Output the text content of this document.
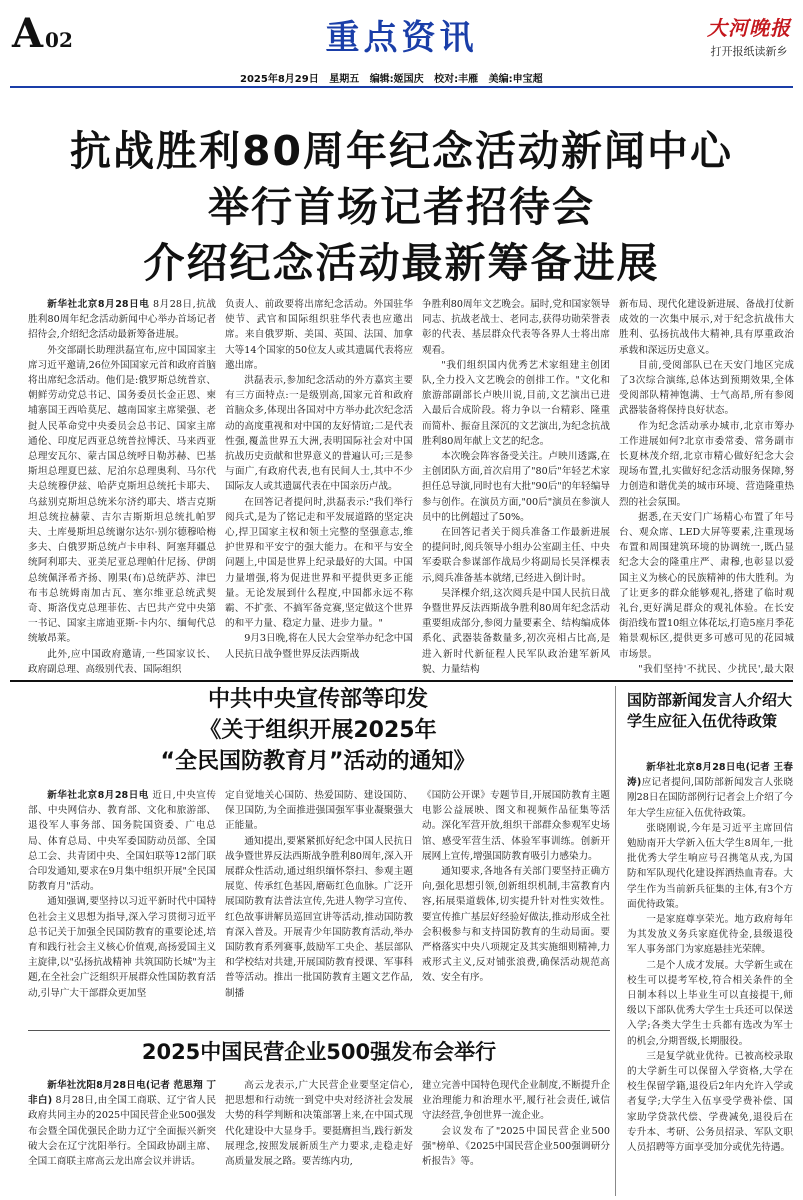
A 02	重点资讯	大河晚报
打开报纸读新乡
2025年8月29日 星期五 编辑:姬国庆 校对:丰雁 美编:申宝超
抗战胜利80周年纪念活动新闻中心
举行首场记者招待会
介绍纪念活动最新筹备进展

新华社北京8月28日电 8月28日,抗战胜利80周年纪念活动新闻中心举办首场记者招待会,介绍纪念活动最新筹备进展。

外交部副长助理洪磊宣布,应中国国家主席习近平邀请,26位外国国家元首和政府首脑将出席纪念活动。他们是:俄罗斯总统普京、朝鲜劳动党总书记、国务委员长金正恩、柬埔寨国王西哈莫尼、越南国家主席梁强、老挝人民革命党中央委员会总书记、国家主席通伦、印度尼西亚总统普拉博沃、马来西亚总理安瓦尔、蒙古国总统呼日勒苏赫、巴基斯坦总理夏巴兹、尼泊尔总理奥利、马尔代夫总统穆伊兹、哈萨克斯坦总统托卡耶夫、乌兹别克斯坦总统米尔济约耶夫、塔吉克斯坦总统拉赫蒙、吉尔吉斯斯坦总统扎帕罗夫、土库曼斯坦总统谢尔达尔·别尔德穆哈梅多夫、白俄罗斯总统卢卡申科、阿塞拜疆总统阿利耶夫、亚美尼亚总理帕什尼扬、伊朗总统佩泽希齐扬、刚果(布)总统萨苏、津巴布韦总统姆南加古瓦、塞尔维亚总统武契奇、斯洛伐克总理菲佐、古巴共产党中央第一书记、国家主席迪亚斯-卡内尔、缅甸代总统敏昂莱。

此外,应中国政府邀请,一些国家议长、政府副总理、高级别代表、国际组织

负责人、前政要将出席纪念活动。外国驻华使节、武官和国际组织驻华代表也应邀出席。来自俄罗斯、美国、英国、法国、加拿大等14个国家的50位友人或其遗属代表将应邀出席。

洪磊表示,参加纪念活动的外方嘉宾主要有三方面特点:一是级别高,国家元首和政府首脑众多,体现出各国对中方举办此次纪念活动的高度重视和对中国的友好情谊;二是代表性强,覆盖世界五大洲,表明国际社会对中国抗战历史贡献和世界意义的普遍认可;三是参与面广,有政府代表,也有民间人士,其中不少国际友人或其遗属代表在中国亲历卢战。

在回答记者提问时,洪磊表示:"我们举行阅兵式,是为了铭记走和平发展道路的坚定决心,捍卫国家主权和领土完整的坚强意志,维护世界和平安宁的强大能力。在和平与安全问题上,中国是世界上纪录最好的大国。中国力量增强,将为促进世界和平提供更多正能量。无论发展到什么程度,中国都永远不称霸、不扩张、不搞军备竞赛,坚定做这个世界的和平力量、稳定力量、进步力量。"

9月3日晚,将在人民大会堂举办纪念中国人民抗日战争暨世界反法西斯战

争胜利80周年文艺晚会。届时,党和国家领导同志、抗战老战士、老同志,获得功勋荣誉表彰的代表、基层群众代表等各界人士将出席观看。

"我们组织国内优秀艺术家组建主创团队,全力投入文艺晚会的创排工作。"文化和旅游部副部长卢映川说,目前,文艺演出已进入最后合成阶段。将力争以一台精彩、隆重而简朴、振奋且深沉的文艺演出,为纪念抗战胜利80周年献上文艺的纪念。

本次晚会阵容备受关注。卢映川透露,在主创团队方面,首次启用了"80后"年轻艺术家担任总导演,同时也有大批"90后"的年轻编导参与创作。在演员方面,"00后"演员在参演人员中的比例超过了50%。

在回答记者关于阅兵准备工作最新进展的提问时,阅兵领导小组办公室副主任、中央军委联合参谋部作战局少将副局长吴泽棵表示,阅兵准备基本就绪,已经进入倒计时。

吴泽棵介绍,这次阅兵是中国人民抗日战争暨世界反法西斯战争胜利80周年纪念活动重要组成部分,参阅力量要素全、结构编成体系化、武器装备数量多,初次亮相占比高,是进入新时代新征程人民军队政治建军新风貌、力量结构

新布局、现代化建设新进展、备战打仗新成效的一次集中展示,对于纪念抗战伟大胜利、弘扬抗战伟大精神,具有厚重政治承载和深远历史意义。

目前,受阅部队已在天安门地区完成了3次综合演练,总体达到预期效果,全体受阅部队精神饱满、士气高昂,所有参阅武器装备将保持良好状态。

作为纪念活动承办城市,北京市筹办工作进展如何?北京市委常委、常务副市长夏林茂介绍,北京市精心做好纪念大会现场布置,扎实做好纪念活动服务保障,努力创造和谐优美的城市环境、营造隆重热烈的社会氛围。

据悉,在天安门广场精心布置了年号台、观众席、LED大屏等要素,注重现场布置和周围建筑环境的协调统一,既凸显纪念大会的隆重庄严、肃穆,也彰显以爱国主义为核心的民族精神的伟大胜利。为了让更多的群众能够观礼,搭建了临时观礼台,更好满足群众的观礼体验。在长安街沿线布置10组立体花坛,打造5座月季花箱景观标区,提供更多可感可见的花园城市场景。

"我们坚持'不扰民、少扰民',最大限

中共中央宣传部等印发
《关于组织开展2025年
“全民国防教育月”活动的通知》

新华社北京8月28日电 近日,中央宣传部、中央网信办、教育部、文化和旅游部、退役军人事务部、国务院国资委、广电总局、体育总局、中央军委国防动员部、全国总工会、共青团中央、全国妇联等12部门联合印发通知,要求在9月集中组织开展"全民国防教育月"活动。

通知强调,要坚持以习近平新时代中国特色社会主义思想为指导,深入学习贯彻习近平总书记关于加强全民国防教育的重要论述,培育和践行社会主义核心价值观,高扬爱国主义主旋律,以"弘扬抗战精神 共筑国防长城"为主题,在全社会广泛组织开展群众性国防教育活动,引导广大干部群众更加坚

定自觉地关心国防、热爱国防、建设国防、保卫国防,为全面推进强国强军事业凝聚强大正能量。

通知提出,要紧紧抓好纪念中国人民抗日战争暨世界反法西斯战争胜利80周年,深入开展群众性活动,通过组织缅怀祭扫、参观主题展览、传承红色基因,磨砺红色血脉。广泛开展国防教育法普法宣传,先进人物学习宣传、红色故事讲解员巡回宣讲等活动,推动国防教育深入普及。开展青少年国防教育活动,举办国防教育系列赛事,鼓励军工央企、基层部队和学校结对共建,开展国防教育授课、军事科普等活动。推出一批国防教育主题文艺作品,制播

《国防公开课》专题节目,开展国防教育主题电影公益展映、图文和视频作品征集等活动。深化军营开放,组织干部群众参观军史场馆、感受军营生活、体验军事训练。创新开展网上宣传,增强国防教育吸引力感染力。

通知要求,各地各有关部门要坚持正确方向,强化思想引领,创新组织机制,丰富教育内容,拓展渠道载体,切实提升针对性实效性。要宣传推广基层好经验好做法,推动形成全社会积极参与和支持国防教育的生动局面。要严格落实中央八项规定及其实施细则精神,力戒形式主义,反对铺张浪费,确保活动规范高效、安全有序。

2025中国民营企业500强发布会举行

新华社沈阳8月28日电(记者 范思翔 丁非白) 8月28日,由全国工商联、辽宁省人民政府共同主办的2025中国民营企业500强发布会暨全国优强民企助力辽宁全面振兴新突破大会在辽宁沈阳举行。全国政协副主席、全国工商联主席高云龙出席会议并讲话。

高云龙表示,广大民营企业要坚定信心,把思想和行动统一到党中央对经济社会发展大势的科学判断和决策部署上来,在中国式现代化建设中大显身手。要挺膺担当,践行新发展理念,按照发展新质生产力要求,走稳走好高质量发展之路。要苦练内功,

建立完善中国特色现代企业制度,不断提升企业治理能力和治理水平,履行社会责任,诚信守法经营,争创世界一流企业。

会议发布了"2025中国民营企业500强"榜单、《2025中国民营企业500强调研分析报告》等。

国防部新闻发言人介绍大学生应征入伍优待政策

新华社北京8月28日电(记者 王春涛)应记者提问,国防部新闻发言人张晓刚28日在国防部例行记者会上介绍了今年大学生应征入伍优待政策。

张晓刚说,今年是习近平主席回信勉励南开大学新入伍大学生8周年,一批批优秀大学生响应号召携笔从戎,为国防和军队现代化建设挥洒热血青春。大学生作为当前新兵征集的主体,有3个方面优待政策。

一是家庭尊享荣光。地方政府每年为其发放义务兵家庭优待金,县级退役军人事务部门为家庭悬挂光荣牌。

二是个人成才发展。大学新生或在校生可以提考军校,符合相关条件的全日制本科以上毕业生可以直接提干,师级以下部队优秀大学生士兵还可以保送入学;各类大学生士兵都有选改为军士的机会,分期晋级,长期服役。

三是复学就业优待。已被高校录取的大学新生可以保留入学资格,大学在校生保留学籍,退役后2年内允许入学或者复学;大学生入伍享受学费补偿、国家助学贷款代偿、学费减免,退役后在专升本、考研、公务员招录、军队文职人员招聘等方面享受加分或优先待遇。
